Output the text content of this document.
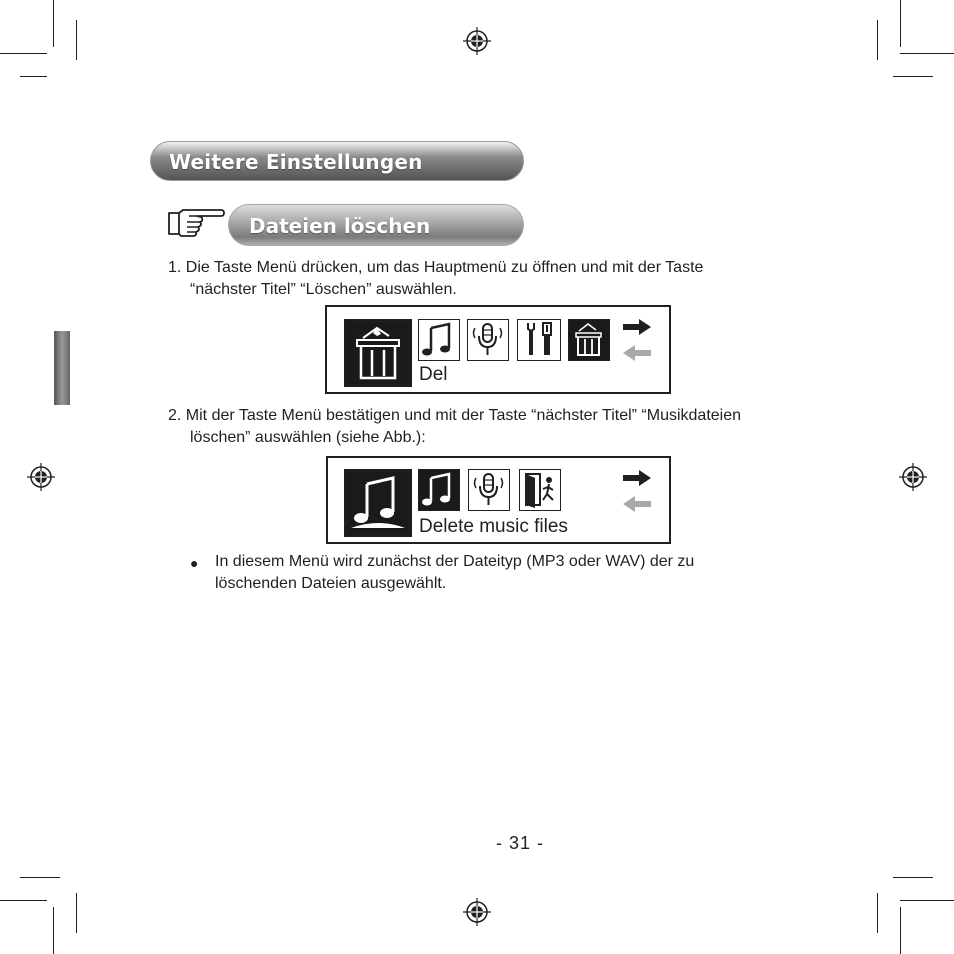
Weitere Einstellungen
Dateien löschen
1. Die Taste Menü drücken, um das Hauptmenü zu öffnen und mit der Taste
“nächster Titel” “Löschen” auswählen.
Del
2. Mit der Taste Menü bestätigen und mit der Taste “nächster Titel” “Musikdateien
löschen” auswählen (siehe Abb.):
Delete music files
● In diesem Menü wird zunächst der Dateityp (MP3 oder WAV) der zu
löschenden Dateien ausgewählt.
- 31 -
